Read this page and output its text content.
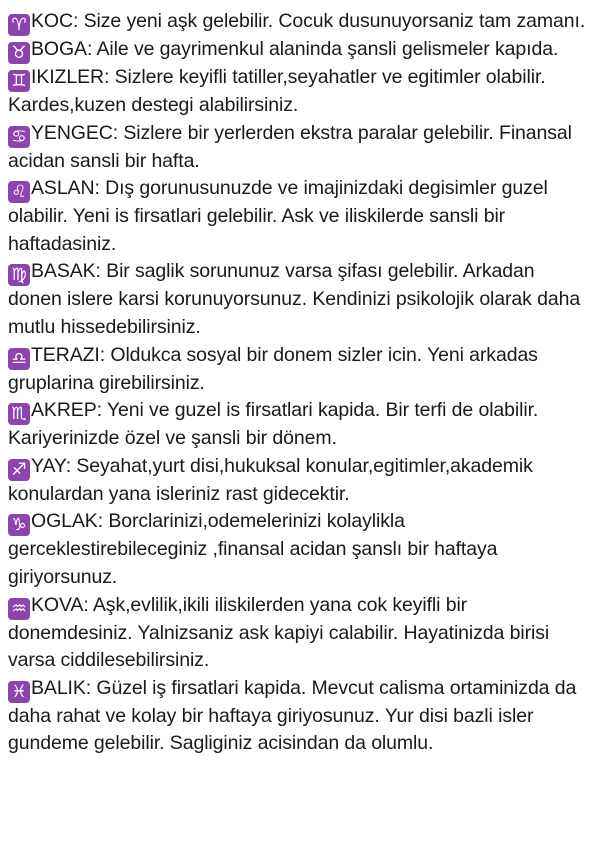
♈ KOC: Size yeni aşk gelebilir. Cocuk dusunuyorsaniz tam zamanı.

♉ BOGA: Aile ve gayrimenkul alaninda şansli gelismeler kapıda.

♊ IKIZLER: Sizlere keyifli tatiller,seyahatler ve egitimler olabilir. Kardes,kuzen destegi alabilirsiniz.

♋ YENGEC: Sizlere bir yerlerden ekstra paralar gelebilir. Finansal acidan sansli bir hafta.

♌ ASLAN: Dış gorunusunuzde ve imajinizdaki degisimler guzel olabilir. Yeni is firsatlari gelebilir. Ask ve iliskilerde sansli bir haftadasiniz.

♍ BASAK: Bir saglik sorununuz varsa şifası gelebilir. Arkadan donen islere karsi korunuyorsunuz. Kendinizi psikolojik olarak daha mutlu hissedebilirsiniz.

♎ TERAZI: Oldukca sosyal bir donem sizler icin. Yeni arkadas gruplarina girebilirsiniz.

♏ AKREP: Yeni ve guzel is firsatlari kapida. Bir terfi de olabilir. Kariyerinizde özel ve şansli bir dönem.

♐ YAY: Seyahat,yurt disi,hukuksal konular,egitimler,akademik konulardan yana isleriniz rast gidecektir.

♑ OGLAK: Borclarinizi,odemelerinizi kolaylikla gerceklestirebileceginiz ,finansal acidan şanslı bir haftaya giriyorsunuz.

♒ KOVA: Aşk,evlilik,ikili iliskilerden yana cok keyifli bir donemdesiniz. Yalnizsaniz ask kapiyi calabilir. Hayatinizda birisi varsa ciddilesebilirsiniz.

♓ BALIK: Güzel iş firsatlari kapida. Mevcut calisma ortaminizda da daha rahat ve kolay bir haftaya giriyosunuz. Yur disi bazli isler gundeme gelebilir. Sagliginiz acisindan da olumlu.
